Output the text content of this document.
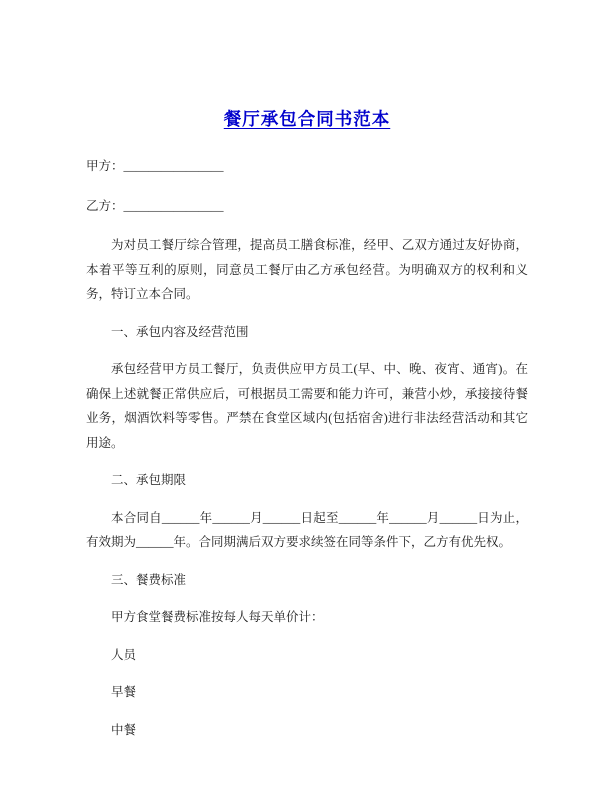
餐厅承包合同书范本

甲方：________________

乙方：________________

为对员工餐厅综合管理，提高员工膳食标准，经甲、乙双方通过友好协商，本着平等互利的原则，同意员工餐厅由乙方承包经营。为明确双方的权利和义务，特订立本合同。

一、承包内容及经营范围

承包经营甲方员工餐厅，负责供应甲方员工(早、中、晚、夜宵、通宵)。在确保上述就餐正常供应后，可根据员工需要和能力许可，兼营小炒，承接接待餐业务，烟酒饮料等零售。严禁在食堂区域内(包括宿舍)进行非法经营活动和其它用途。

二、承包期限

本合同自______年______月______日起至______年______月______日为止，有效期为______年。合同期满后双方要求续签在同等条件下，乙方有优先权。

三、餐费标准

甲方食堂餐费标准按每人每天单价计：

人员

早餐

中餐
